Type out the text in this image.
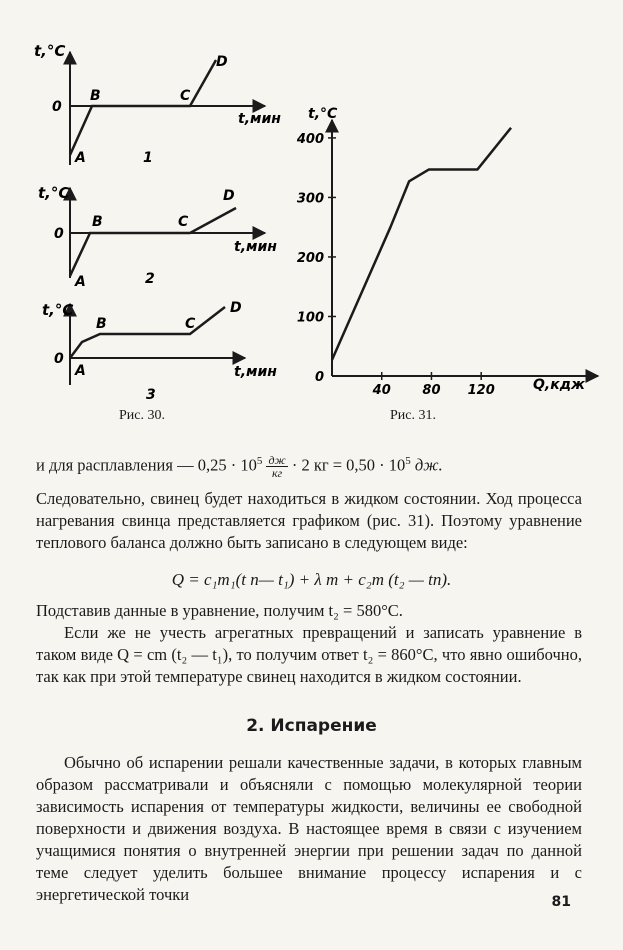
t,°C
0
A
B	C
D
t,мин
1
t,°C
0
A
B	C
D
t,мин
2
t,°C
0
A
B	C
D
t,мин
3
Рис. 30.
0
100
200
300
400
40 80 120
t,°C
Q,кдж
Рис. 31.
и для расплавления — $0,25 \cdot 10^5 \frac{дж}{кг} \cdot 2$ кг = $0,50 \cdot 10^5$ дж.
Следовательно, свинец будет находиться в жидком состоянии. Ход процесса нагревания свинца представляется графиком (рис. 31). Поэтому уравнение теплового баланса должно быть записано в следующем виде:
Q = c₁m₁(t п— t₁) + λ m + c₂m (t₂ — tп).
Подставив данные в уравнение, получим t₂ = 580°C.
Если же не учесть агрегатных превращений и записать уравнение в таком виде Q = cm (t₂ — t₁), то получим ответ t₂ = 860°C, что явно ошибочно, так как при этой температуре свинец находится в жидком состоянии.
2. Испарение
Обычно об испарении решали качественные задачи, в которых главным образом рассматривали и объясняли с помощью молекулярной теории зависимость испарения от температуры жидкости, величины ее свободной поверхности и движения воздуха. В настоящее время в связи с изучением учащимися понятия о внутренней энергии при решении задач по данной теме следует уделить большее внимание процессу испарения и с энергетической точки	81
